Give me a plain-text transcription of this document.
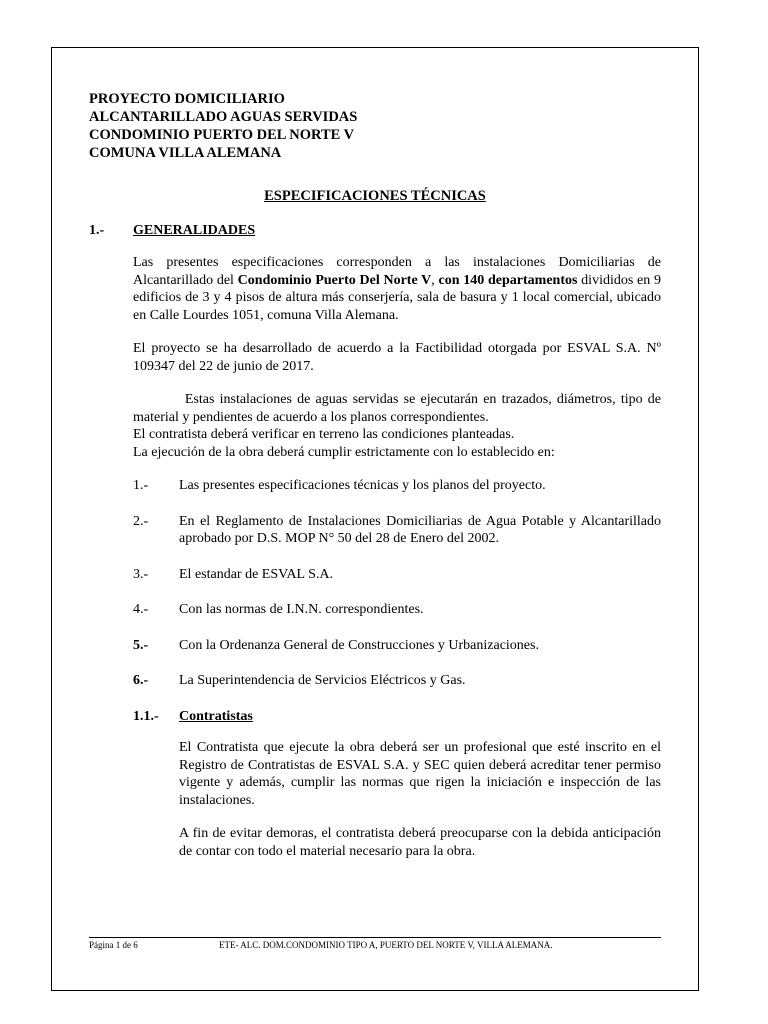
PROYECTO DOMICILIARIO
ALCANTARILLADO AGUAS SERVIDAS
CONDOMINIO PUERTO DEL NORTE V
COMUNA VILLA ALEMANA
ESPECIFICACIONES TÉCNICAS
1.-	GENERALIDADES

Las presentes especificaciones corresponden a las instalaciones Domiciliarias de Alcantarillado del Condominio Puerto Del Norte V, con 140 departamentos divididos en 9 edificios de 3 y 4 pisos de altura más conserjería, sala de basura y 1 local comercial, ubicado en Calle Lourdes 1051, comuna Villa Alemana.

El proyecto se ha desarrollado de acuerdo a la Factibilidad otorgada por ESVAL S.A. Nº 109347 del 22 de junio de 2017.

Estas instalaciones de aguas servidas se ejecutarán en trazados, diámetros, tipo de material y pendientes de acuerdo a los planos correspondientes.

El contratista deberá verificar en terreno las condiciones planteadas.

La ejecución de la obra deberá cumplir estrictamente con lo establecido en:

1.-	Las presentes especificaciones técnicas y los planos del proyecto.
2.-	En el Reglamento de Instalaciones Domiciliarias de Agua Potable y Alcantarillado aprobado por D.S. MOP N° 50 del 28 de Enero del 2002.
3.-	El estandar de ESVAL S.A.
4.-	Con las normas de I.N.N. correspondientes.
5.-	Con la Ordenanza General de Construcciones y Urbanizaciones.
6.-	La Superintendencia de Servicios Eléctricos y Gas.
1.1.-	Contratistas

El Contratista que ejecute la obra deberá ser un profesional que esté inscrito en el Registro de Contratistas de ESVAL S.A. y SEC quien deberá acreditar tener permiso vigente y además, cumplir las normas que rigen la iniciación e inspección de las instalaciones.

A fin de evitar demoras, el contratista deberá preocuparse con la debida anticipación de contar con todo el material necesario para la obra.

Página 1 de 6	ETE- ALC. DOM.CONDOMINIO TIPO A, PUERTO DEL NORTE V, VILLA ALEMANA.
